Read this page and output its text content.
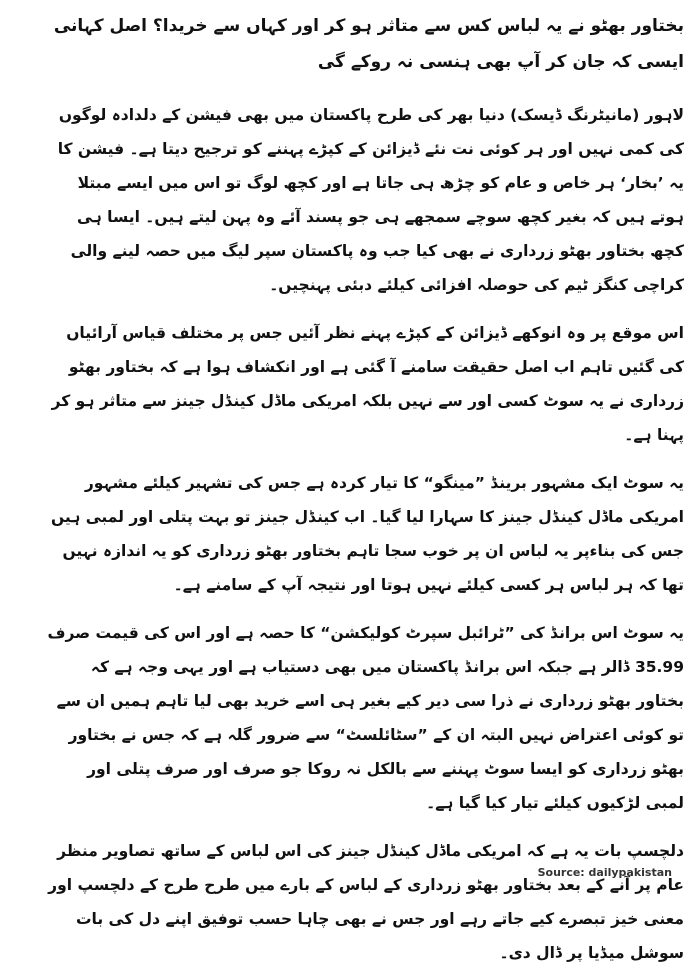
بختاور بھٹو نے یہ لباس کس سے متاثر ہو کر اور کہاں سے خریدا؟ اصل کہانی ایسی کہ جان کر آپ بھی ہنسی نہ روکے گی
لاہور (مانیٹرنگ ڈیسک) دنیا بھر کی طرح پاکستان میں بھی فیشن کے دلدادہ لوگوں کی کمی نہیں اور ہر کوئی نت نئے ڈیزائن کے کپڑے پہننے کو ترجیح دیتا ہے۔ فیشن کا یہ ’بخار‘ ہر خاص و عام کو چڑھ ہی جاتا ہے اور کچھ لوگ تو اس میں ایسے مبتلا ہوتے ہیں کہ بغیر کچھ سوچے سمجھے ہی جو پسند آئے وہ پہن لیتے ہیں۔ ایسا ہی کچھ بختاور بھٹو زرداری نے بھی کیا جب وہ پاکستان سپر لیگ میں حصہ لینے والی کراچی کنگز ٹیم کی حوصلہ افزائی کیلئے دبئی پہنچیں۔
اس موقع پر وہ انوکھے ڈیزائن کے کپڑے پہنے نظر آئیں جس پر مختلف قیاس آرائیاں کی گئیں تاہم اب اصل حقیقت سامنے آ گئی ہے اور انکشاف ہوا ہے کہ بختاور بھٹو زرداری نے یہ سوٹ کسی اور سے نہیں بلکہ امریکی ماڈل کینڈل جینز سے متاثر ہو کر پہنا ہے۔
یہ سوٹ ایک مشہور برینڈ ”مینگو“ کا تیار کردہ ہے جس کی تشہیر کیلئے مشہور امریکی ماڈل کینڈل جینز کا سہارا لیا گیا۔ اب کینڈل جینز تو بہت پتلی اور لمبی ہیں جس کی بناءپر یہ لباس ان پر خوب سجا تاہم بختاور بھٹو زرداری کو یہ اندازہ نہیں تھا کہ ہر لباس ہر کسی کیلئے نہیں ہوتا اور نتیجہ آپ کے سامنے ہے۔
یہ سوٹ اس برانڈ کی ”ٹرائبل سپرٹ کولیکشن“ کا حصہ ہے اور اس کی قیمت صرف 35.99 ڈالر ہے جبکہ اس برانڈ پاکستان میں بھی دستیاب ہے اور یہی وجہ ہے کہ بختاور بھٹو زرداری نے ذرا سی دیر کیے بغیر ہی اسے خرید بھی لیا تاہم ہمیں ان سے تو کوئی اعتراض نہیں البتہ ان کے ”سٹائلسٹ“ سے ضرور گلہ ہے کہ جس نے بختاور بھٹو زرداری کو ایسا سوٹ پہننے سے بالکل نہ روکا جو صرف اور صرف پتلی اور لمبی لڑکیوں کیلئے تیار کیا گیا ہے۔
دلچسپ بات یہ ہے کہ امریکی ماڈل کینڈل جینز کی اس لباس کے ساتھ تصاویر منظر عام پر آنے کے بعد بختاور بھٹو زرداری کے لباس کے بارے میں طرح طرح کے دلچسپ اور معنی خیز تبصرے کیے جاتے رہے اور جس نے بھی چاہا حسب توفیق اپنے دل کی بات سوشل میڈیا پر ڈال دی۔
Source: dailypakistan
